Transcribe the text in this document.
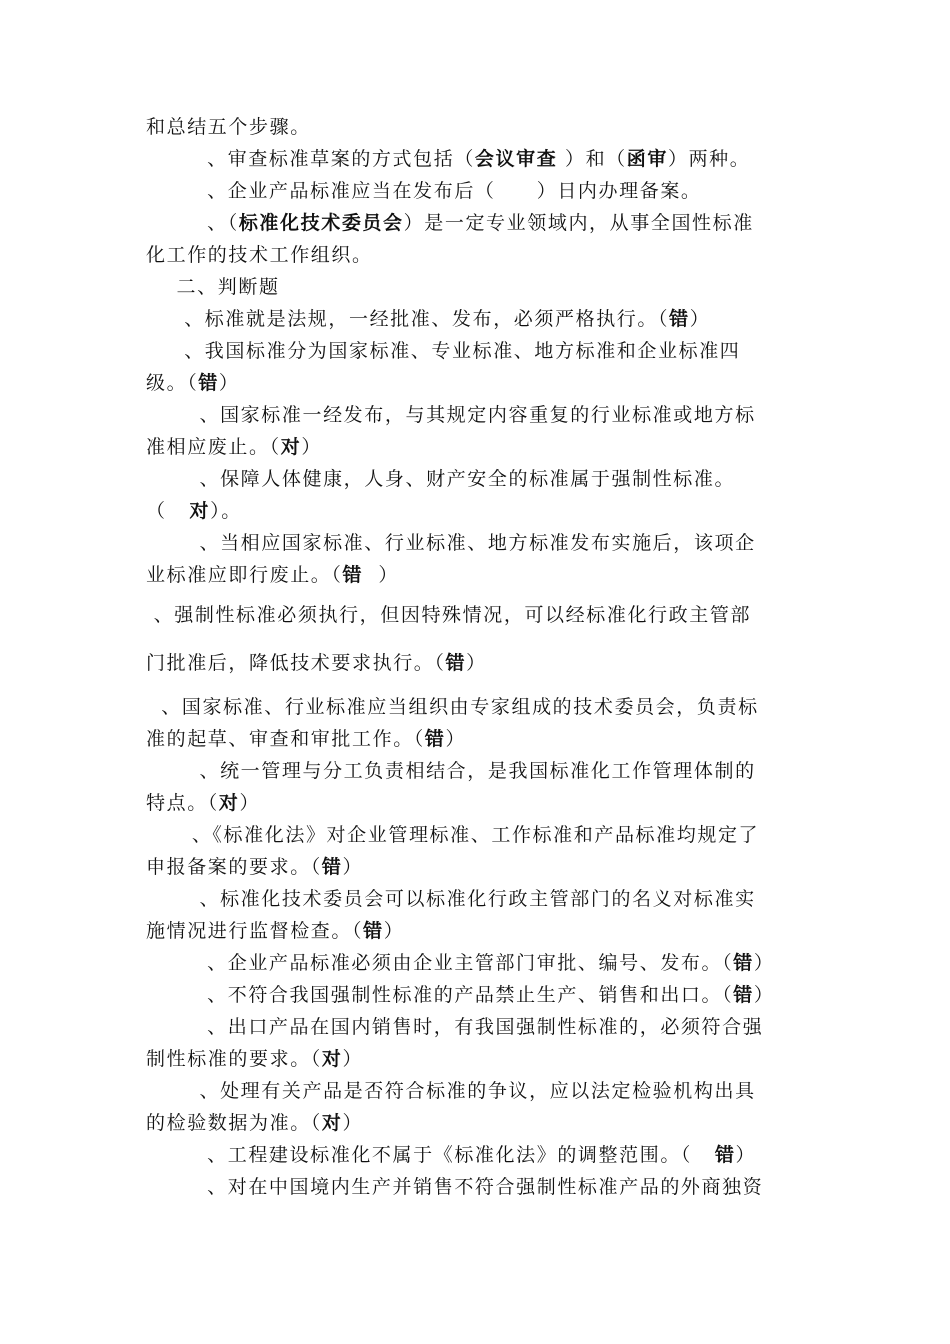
和总结五个步骤。
、审查标准草案的方式包括（会议审查 ）和（函审）两种。
、企业产品标准应当在发布后（　　）日内办理备案。
、（标准化技术委员会）是一定专业领域内，从事全国性标准
化工作的技术工作组织。
二、判断题
、标准就是法规，一经批准、发布，必须严格执行。（错）
、我国标准分为国家标准、专业标准、地方标准和企业标准四
级。（错）
、国家标准一经发布，与其规定内容重复的行业标准或地方标
准相应废止。（对）
、保障人体健康，人身、财产安全的标准属于强制性标准。
（   对）。
、当相应国家标准、行业标准、地方标准发布实施后，该项企
业标准应即行废止。（错  ）
、强制性标准必须执行，但因特殊情况，可以经标准化行政主管部
门批准后，降低技术要求执行。（错）
、国家标准、行业标准应当组织由专家组成的技术委员会，负责标
准的起草、审查和审批工作。（错）
、统一管理与分工负责相结合，是我国标准化工作管理体制的
特点。（对）
、《标准化法》对企业管理标准、工作标准和产品标准均规定了
申报备案的要求。（错）
、标准化技术委员会可以标准化行政主管部门的名义对标准实
施情况进行监督检查。（错）
、企业产品标准必须由企业主管部门审批、编号、发布。（错）
、不符合我国强制性标准的产品禁止生产、销售和出口。（错）
、出口产品在国内销售时，有我国强制性标准的，必须符合强
制性标准的要求。（对）
、处理有关产品是否符合标准的争议，应以法定检验机构出具
的检验数据为准。（对）
、工程建设标准化不属于《标准化法》的调整范围。（   错）
、对在中国境内生产并销售不符合强制性标准产品的外商独资
